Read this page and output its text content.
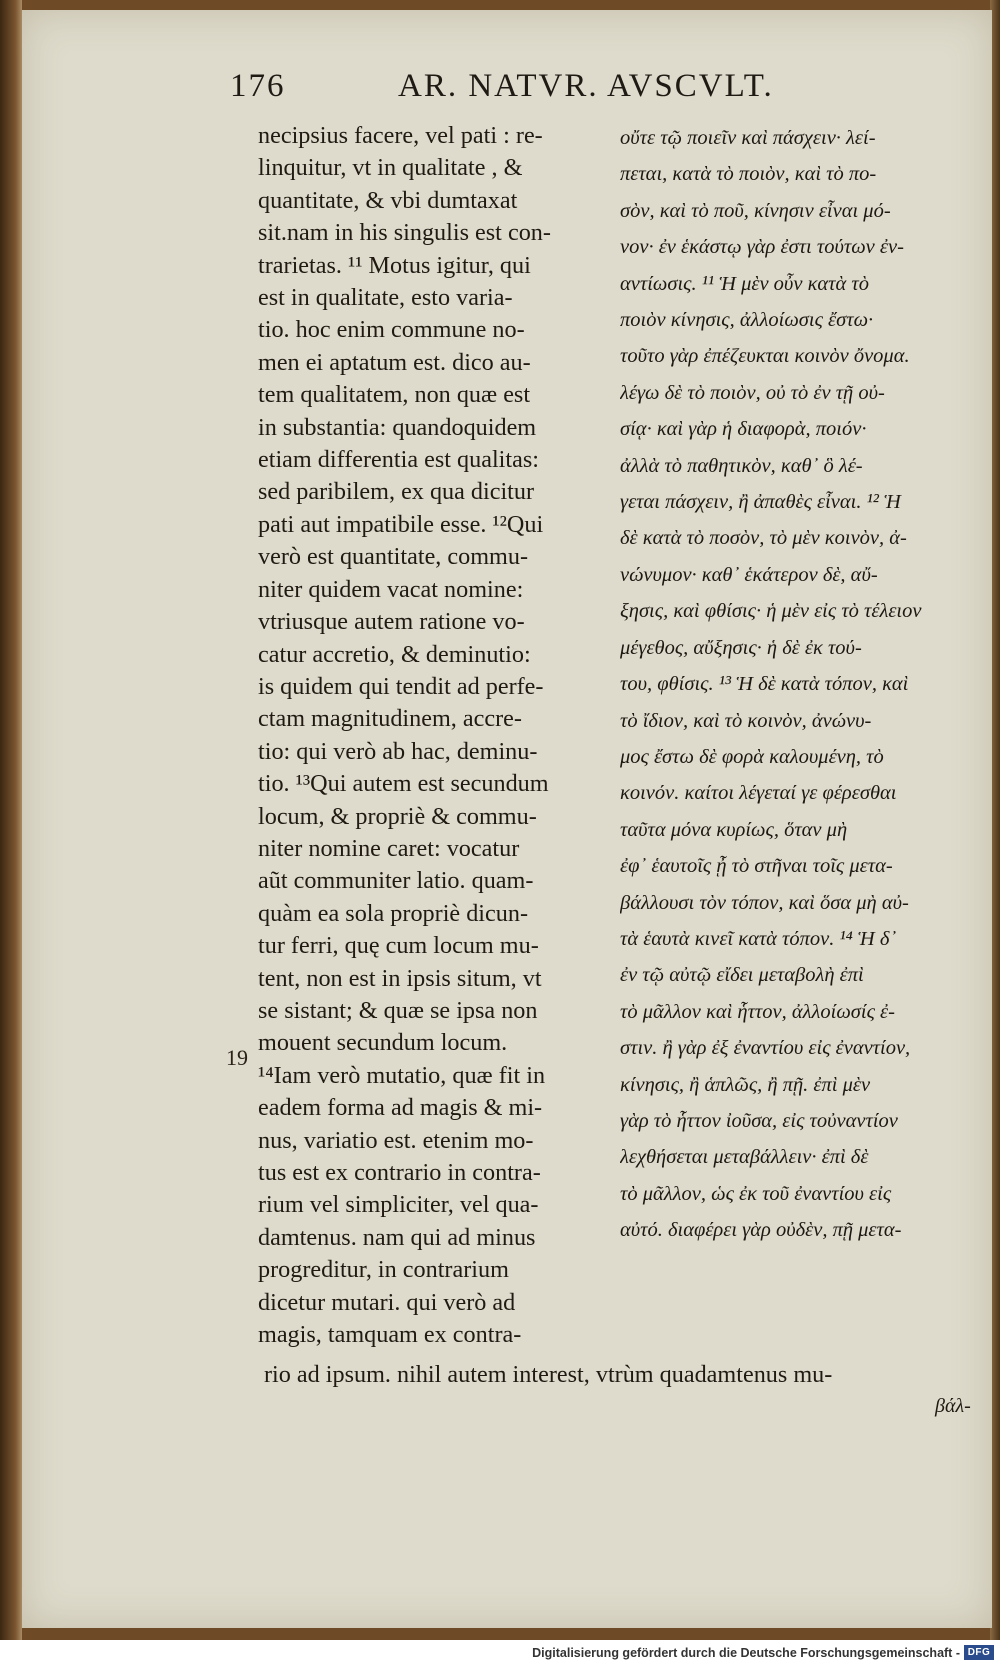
176	AR. NATVR. AVSCVLT.
necipsius facere, vel pati : re-
linquitur, vt in qualitate , &
quantitate, & vbi dumtaxat
sit.nam in his singulis est con-
trarietas. ¹¹ Motus igitur, qui
est in qualitate, esto varia-
tio. hoc enim commune no-
men ei aptatum est. dico au-
tem qualitatem, non quæ est
in substantia: quandoquidem
etiam differentia est qualitas:
sed paribilem, ex qua dicitur
pati aut impatibile esse. ¹²Qui
verò est quantitate, commu-
niter quidem vacat nomine:
vtriusque autem ratione vo-
catur accretio, & deminutio:
is quidem qui tendit ad perfe-
ctam magnitudinem, accre-
tio: qui verò ab hac, deminu-
tio. ¹³Qui autem est secundum
locum, & propriè & commu-
niter nomine caret: vocatur
aũt communiter latio. quam-
quàm ea sola propriè dicun-
tur ferri, quę cum locum mu-
tent, non est in ipsis situm, vt
se sistant; & quæ se ipsa non
mouent secundum locum.
¹⁴Iam verò mutatio, quæ fit in
eadem forma ad magis & mi-
nus, variatio est. etenim mo-
tus est ex contrario in contra-
rium vel simpliciter, vel qua-
damtenus. nam qui ad minus
progreditur, in contrarium
dicetur mutari. qui verò ad
magis, tamquam ex contra-
οὔτε τῷ ποιεῖν καὶ πάσχειν· λεί-
πεται, κατὰ τὸ ποιὸν, καὶ τὸ πο-
σὸν, καὶ τὸ ποῦ, κίνησιν εἶναι μό-
νον· ἐν ἑκάστῳ γὰρ ἐστι τούτων ἐν-
αντίωσις. ¹¹ Ἡ μὲν οὖν κατὰ τὸ
ποιὸν κίνησις, ἀλλοίωσις ἔστω·
τοῦτο γὰρ ἐπέζευκται κοινὸν ὄνομα.
λέγω δὲ τὸ ποιὸν, οὐ τὸ ἐν τῇ οὐ-
σίᾳ· καὶ γὰρ ἡ διαφορὰ, ποιόν·
ἀλλὰ τὸ παθητικὸν, καθ᾽ ὃ λέ-
γεται πάσχειν, ἢ ἀπαθὲς εἶναι. ¹² Ἡ
δὲ κατὰ τὸ ποσὸν, τὸ μὲν κοινὸν, ἀ-
νώνυμον· καθ᾽ ἑκάτερον δὲ, αὔ-
ξησις, καὶ φθίσις· ἡ μὲν εἰς τὸ τέλειον
μέγεθος, αὔξησις· ἡ δὲ ἐκ τού-
του, φθίσις. ¹³ Ἡ δὲ κατὰ τόπον, καὶ
τὸ ἴδιον, καὶ τὸ κοινὸν, ἀνώνυ-
μος ἔστω δὲ φορὰ καλουμένη, τὸ
κοινόν. καίτοι λέγεταί γε φέρεσθαι
ταῦτα μόνα κυρίως, ὅταν μὴ
ἐφ᾽ ἑαυτοῖς ᾖ τὸ στῆναι τοῖς μετα-
βάλλουσι τὸν τόπον, καὶ ὅσα μὴ αὐ-
τὰ ἑαυτὰ κινεῖ κατὰ τόπον. ¹⁴ Ἡ δ᾽
ἐν τῷ αὐτῷ εἴδει μεταβολὴ ἐπὶ
τὸ μᾶλλον καὶ ἧττον, ἀλλοίωσίς ἐ-
στιν. ἢ γὰρ ἐξ ἐναντίου εἰς ἐναντίον,
κίνησις, ἢ ἁπλῶς, ἢ πῇ. ἐπὶ μὲν
γὰρ τὸ ἧττον ἰοῦσα, εἰς τοὐναντίον
λεχθήσεται μεταβάλλειν· ἐπὶ δὲ
τὸ μᾶλλον, ὡς ἐκ τοῦ ἐναντίου εἰς
αὐτό. διαφέρει γὰρ οὐδὲν, πῇ μετα-
19
rio ad ipsum. nihil autem interest, vtrùm quadamtenus mu-
βάλ-
Digitalisierung gefördert durch die Deutsche Forschungsgemeinschaft - DFG
